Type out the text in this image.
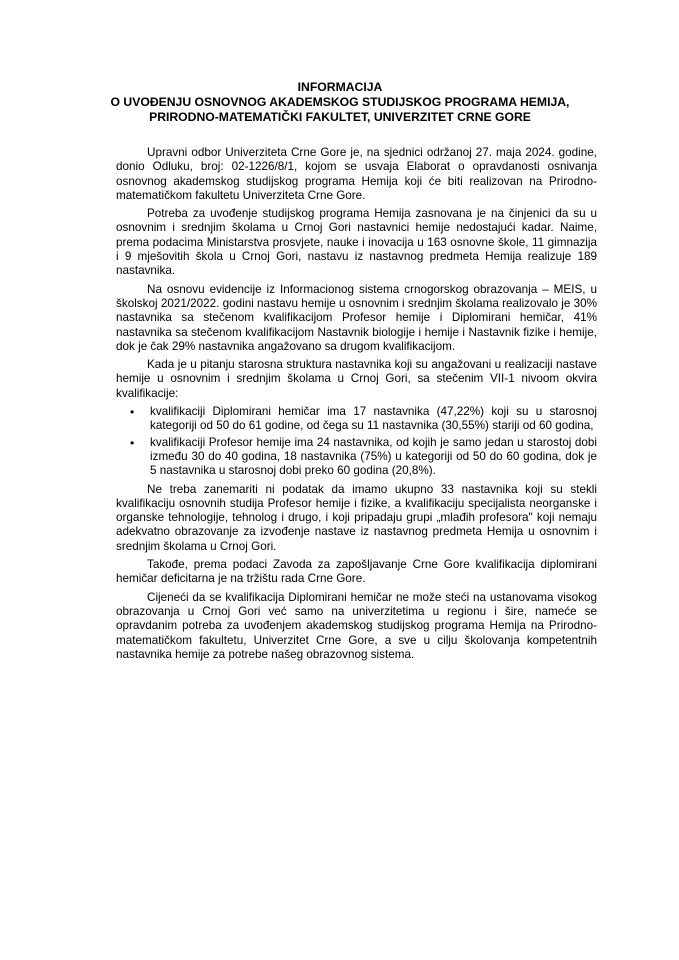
INFORMACIJA
O UVOĐENJU OSNOVNOG AKADEMSKOG STUDIJSKOG PROGRAMA HEMIJA,
PRIRODNO-MATEMATIČKI FAKULTET, UNIVERZITET CRNE GORE

Upravni odbor Univerziteta Crne Gore je, na sjednici održanoj 27. maja 2024. godine, donio Odluku, broj: 02-1226/8/1, kojom se usvaja Elaborat o opravdanosti osnivanja osnovnog akademskog studijskog programa Hemija koji će biti realizovan na Prirodno-matematičkom fakultetu Univerziteta Crne Gore.

Potreba za uvođenje studijskog programa Hemija zasnovana je na činjenici da su u osnovnim i srednjim školama u Crnoj Gori nastavnici hemije nedostajući kadar. Naime, prema podacima Ministarstva prosvjete, nauke i inovacija u 163 osnovne škole, 11 gimnazija i 9 mješovitih škola u Crnoj Gori, nastavu iz nastavnog predmeta Hemija realizuje 189 nastavnika.

Na osnovu evidencije iz Informacionog sistema crnogorskog obrazovanja – MEIS, u školskoj 2021/2022. godini nastavu hemije u osnovnim i srednjim školama realizovalo je 30% nastavnika sa stečenom kvalifikacijom Profesor hemije i Diplomirani hemičar, 41% nastavnika sa stečenom kvalifikacijom Nastavnik biologije i hemije i Nastavnik fizike i hemije, dok je čak 29% nastavnika angažovano sa drugom kvalifikacijom.

Kada je u pitanju starosna struktura nastavnika koji su angažovani u realizaciji nastave hemije u osnovnim i srednjim školama u Crnoj Gori, sa stečenim VII-1 nivoom okvira kvalifikacije:

• kvalifikaciji Diplomirani hemičar ima 17 nastavnika (47,22%) koji su u starosnoj kategoriji od 50 do 61 godine, od čega su 11 nastavnika (30,55%) stariji od 60 godina,
• kvalifikaciji Profesor hemije ima 24 nastavnika, od kojih je samo jedan u starostoj dobi između 30 do 40 godina, 18 nastavnika (75%) u kategoriji od 50 do 60 godina, dok je 5 nastavnika u starosnoj dobi preko 60 godina (20,8%).

Ne treba zanemariti ni podatak da imamo ukupno 33 nastavnika koji su stekli kvalifikaciju osnovnih studija Profesor hemije i fizike, a kvalifikaciju specijalista neorganske i organske tehnologije, tehnolog i drugo, i koji pripadaju grupi „mlađih profesora" koji nemaju adekvatno obrazovanje za izvođenje nastave iz nastavnog predmeta Hemija u osnovnim i srednjim školama u Crnoj Gori.

Takođe, prema podaci Zavoda za zapošljavanje Crne Gore kvalifikacija diplomirani hemičar deficitarna je na tržištu rada Crne Gore.

Cijeneći da se kvalifikacija Diplomirani hemičar ne može steći na ustanovama visokog obrazovanja u Crnoj Gori već samo na univerzitetima u regionu i šire, nameće se opravdanim potreba za uvođenjem akademskog studijskog programa Hemija na Prirodno-matematičkom fakultetu, Univerzitet Crne Gore, a sve u cilju školovanja kompetentnih nastavnika hemije za potrebe našeg obrazovnog sistema.
